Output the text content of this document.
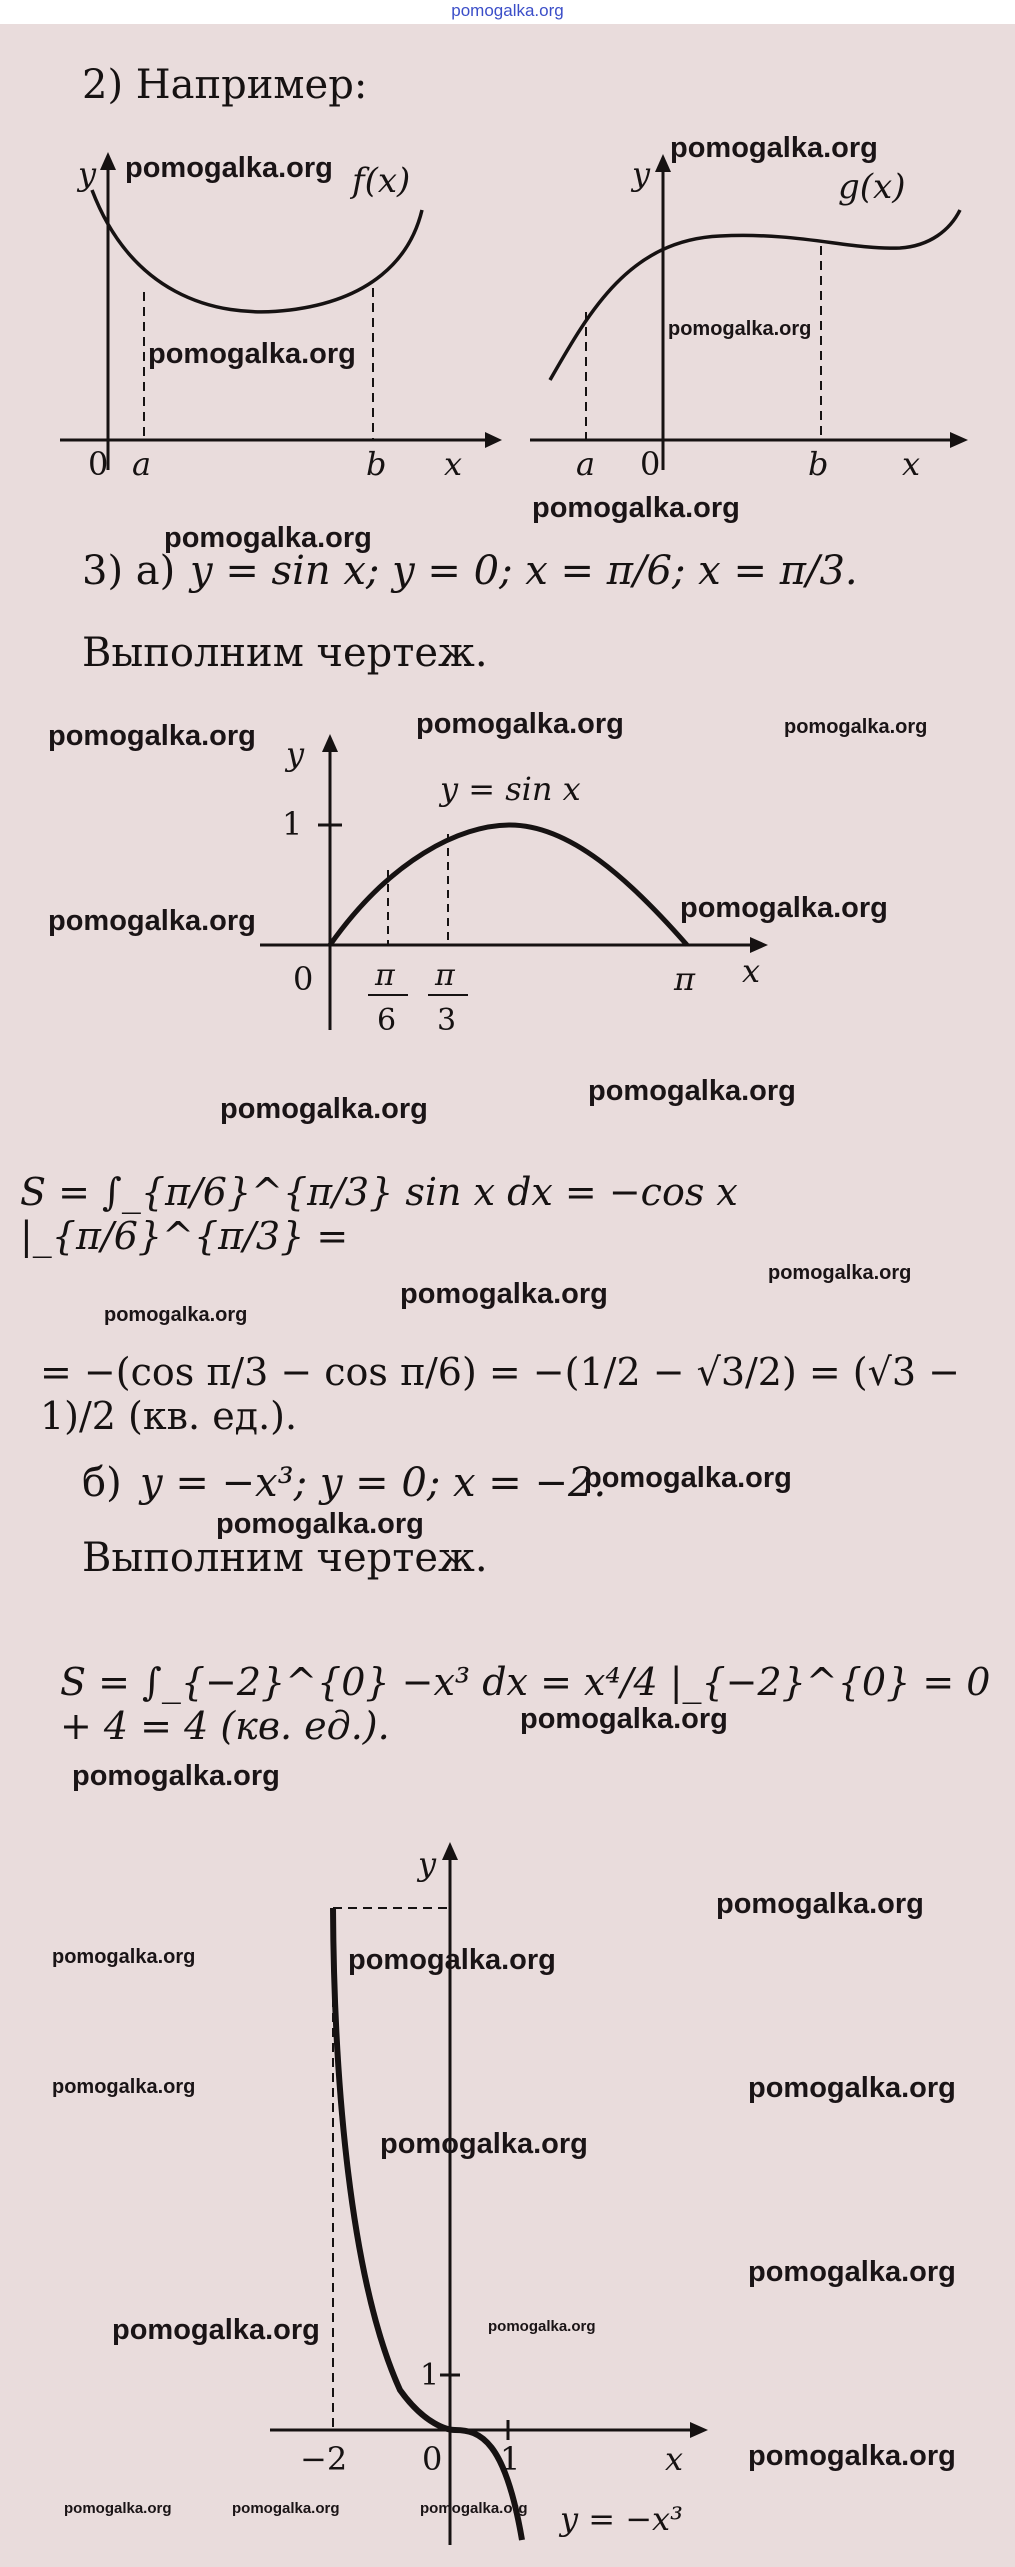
pomogalka.org
2) Например:
y	f(x)
0 a	b x
y	g(x)
a 0	b x
3) а) y = sin x; y = 0; x = π/6; x = π/3.
Выполним чертеж.
y
y = sin x
1
0 π
6
π
3
π x
S = ∫_{π/6}^{π/3} sin x dx = −cos x |_{π/6}^{π/3} =
= −(cos π/3 − cos π/6) = −(1/2 − √3/2) = (√3 − 1)/2 (кв. ед.).
б) y = −x³; y = 0; x = −2.
Выполним чертеж.
S = ∫_{−2}^{0} −x³ dx = x⁴/4 |_{−2}^{0} = 0 + 4 = 4 (кв. ед.).
y
1
−2 0 1	x
y = −x³
pomogalka.org
pomogalka.org
pomogalka.org
pomogalka.org
pomogalka.org
pomogalka.org
pomogalka.org	pomogalka.org	pomogalka.org
pomogalka.org	pomogalka.org
pomogalka.org
pomogalka.org
pomogalka.org
pomogalka.org
pomogalka.org
pomogalka.org
pomogalka.org
pomogalka.org
pomogalka.org
pomogalka.org
pomogalka.org	pomogalka.org
pomogalka.org	pomogalka.org
pomogalka.org
pomogalka.org
pomogalka.org	pomogalka.org
pomogalka.org
pomogalka.org	pomogalka.org	pomogalka.org
